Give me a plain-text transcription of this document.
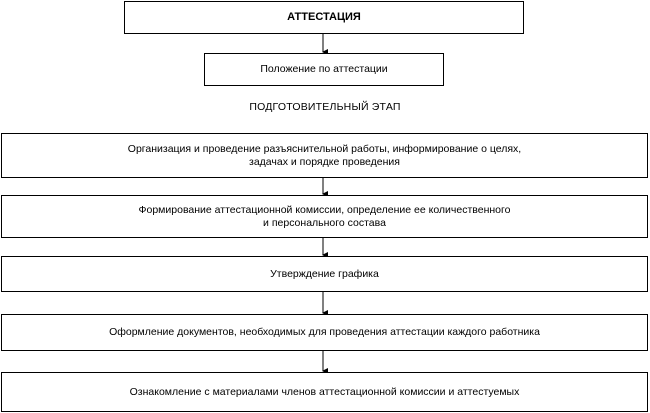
АТТЕСТАЦИЯ
Положение по аттестации
ПОДГОТОВИТЕЛЬНЫЙ ЭТАП
Организация и проведение разъяснительной работы, информирование о целях,
задачах и порядке проведения
Формирование аттестационной комиссии, определение ее количественного
и персонального состава
Утверждение графика
Оформление документов, необходимых для проведения аттестации каждого работника
Ознакомление с материалами членов аттестационной комиссии и аттестуемых
